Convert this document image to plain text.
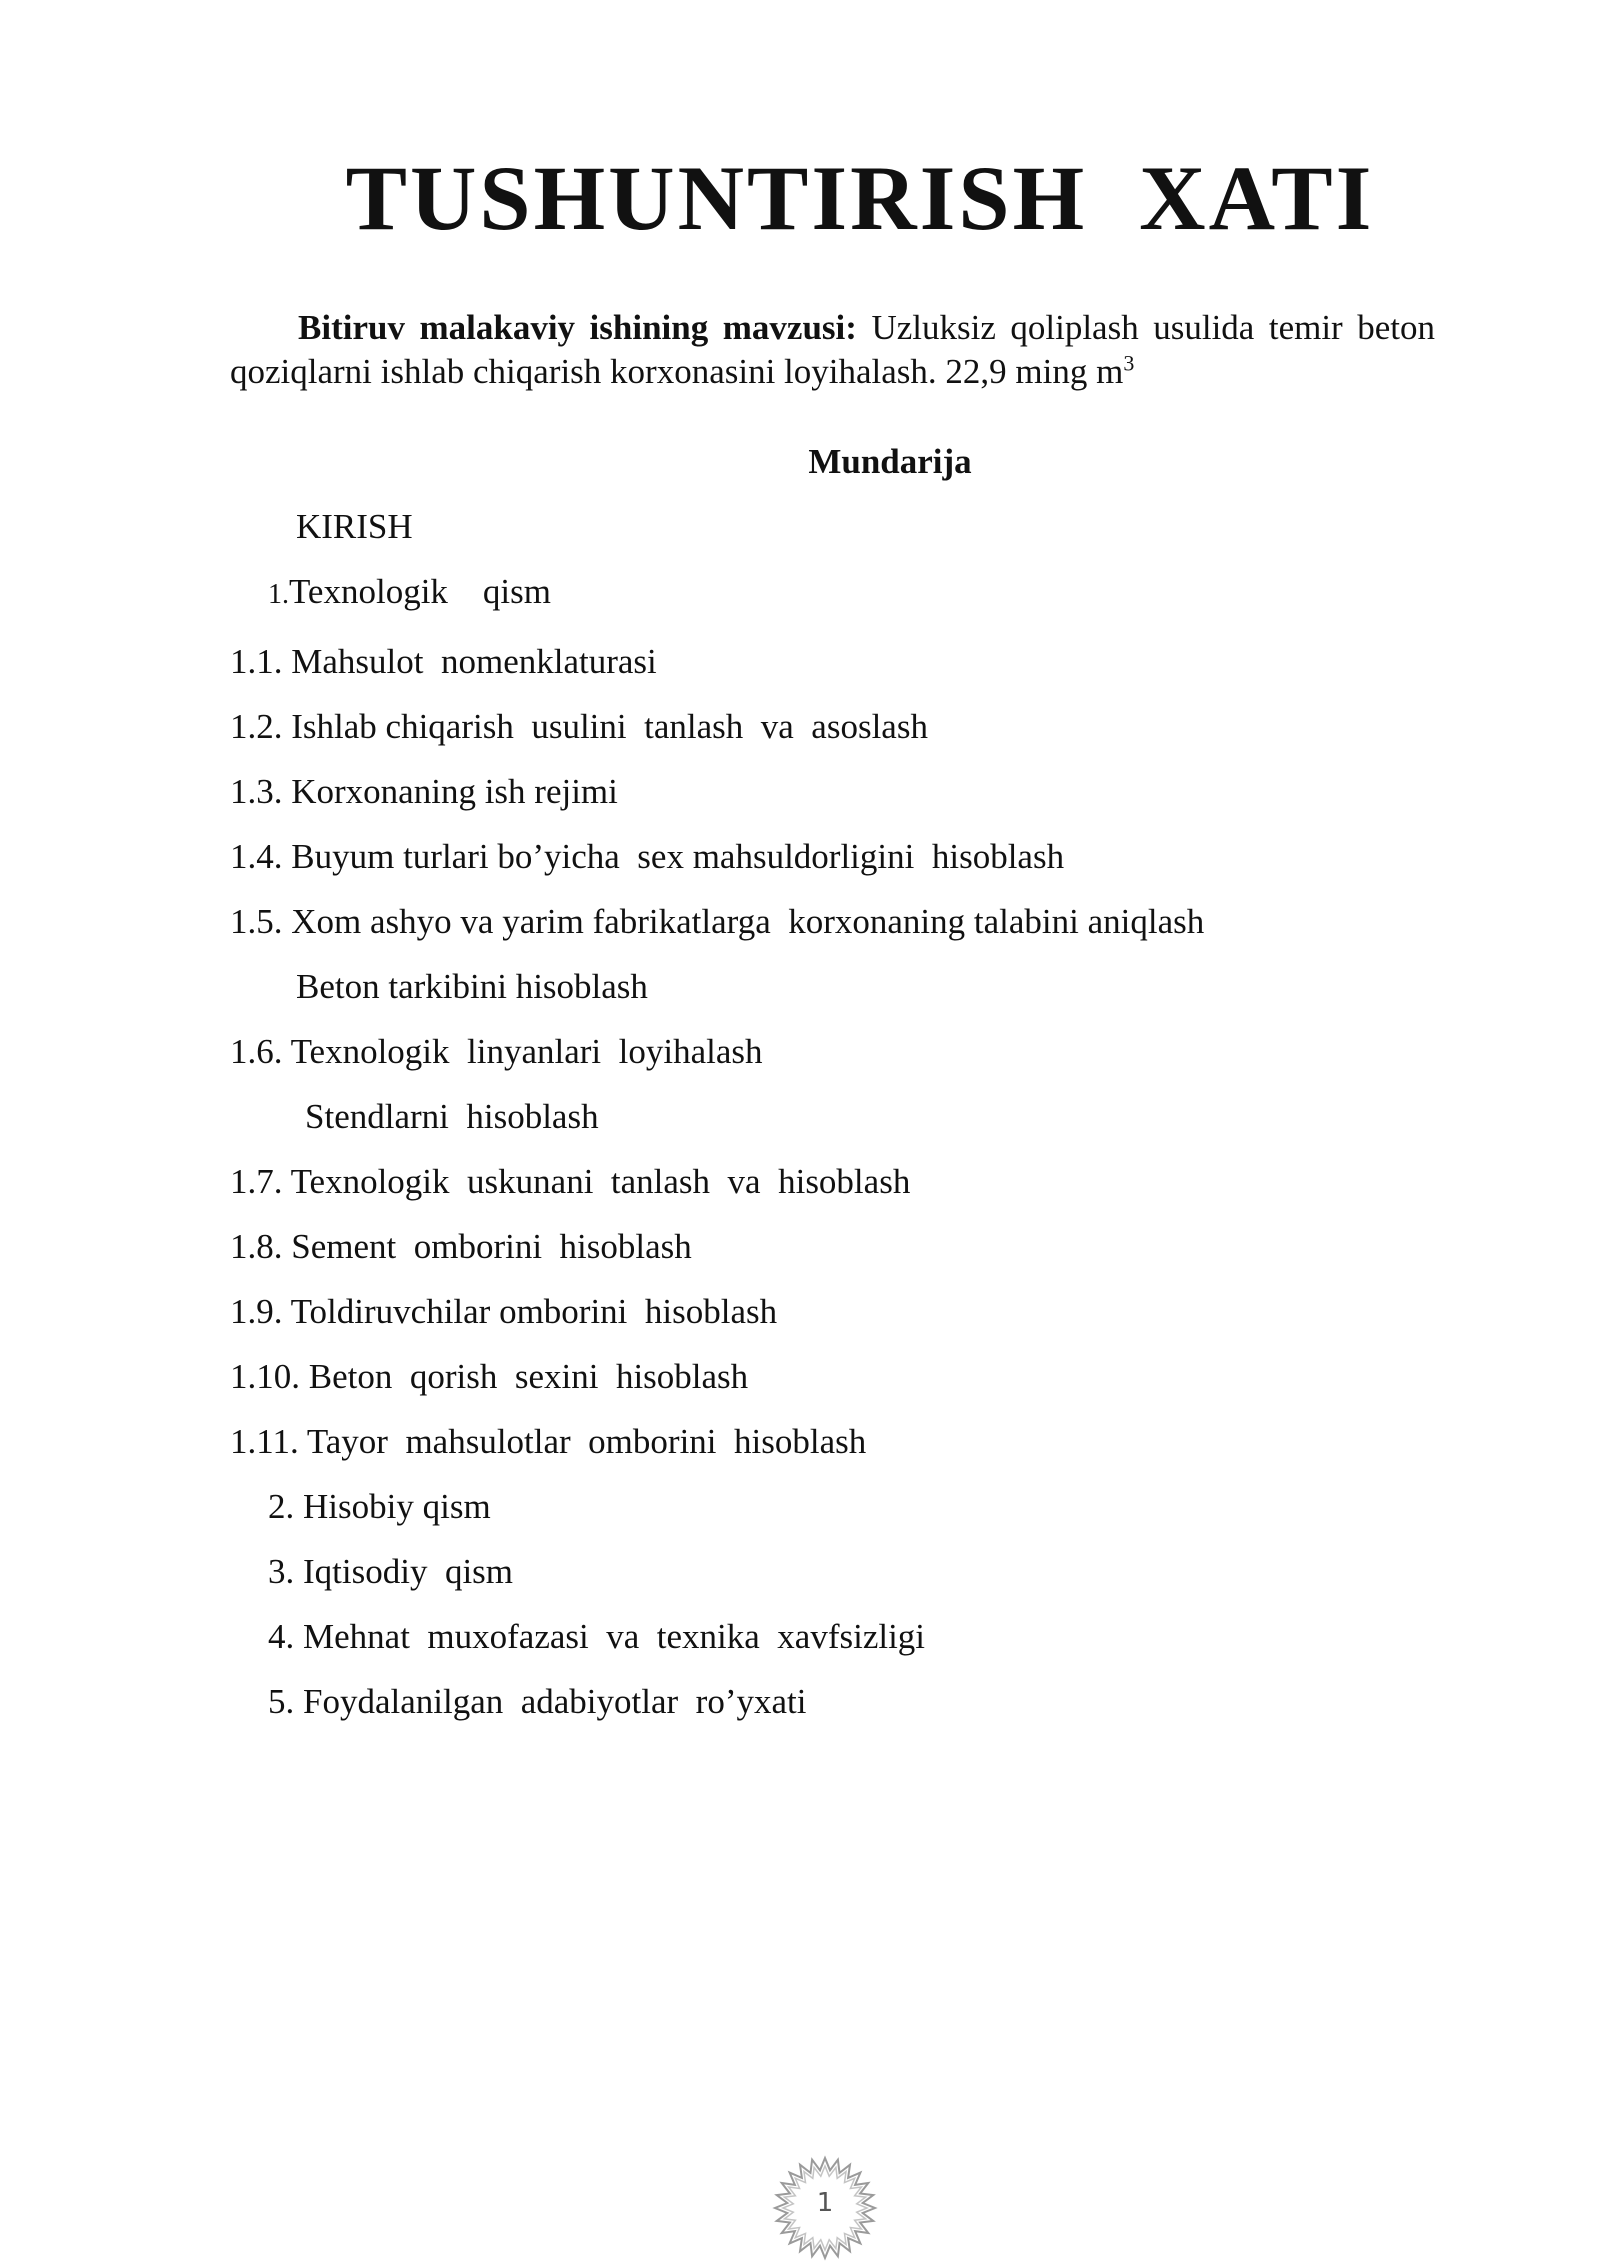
TUSHUNTIRISH  XATI
Bitiruv malakaviy ishining mavzusi: Uzluksiz qoliplash usulida temir beton qoziqlarni ishlab chiqarish korxonasini loyihalash. 22,9 ming $m^3$
Mundarija
KIRISH
1.Texnologik    qism
1.1. Mahsulot  nomenklaturasi
1.2. Ishlab chiqarish  usulini  tanlash  va  asoslash
1.3. Korxonaning ish rejimi
1.4. Buyum turlari bo’yicha  sex mahsuldorligini  hisoblash
1.5. Xom ashyo va yarim fabrikatlarga  korxonaning talabini aniqlash
Beton tarkibini hisoblash
1.6. Texnologik  linyanlari  loyihalash
Stendlarni  hisoblash
1.7. Texnologik  uskunani  tanlash  va  hisoblash
1.8. Sement  omborini  hisoblash
1.9. Toldiruvchilar omborini  hisoblash
1.10. Beton  qorish  sexini  hisoblash
1.11. Tayor  mahsulotlar  omborini  hisoblash
2. Hisobiy qism
3. Iqtisodiy  qism
4. Mehnat  muxofazasi  va  texnika  xavfsizligi
5. Foydalanilgan  adabiyotlar  ro’yxati
1
